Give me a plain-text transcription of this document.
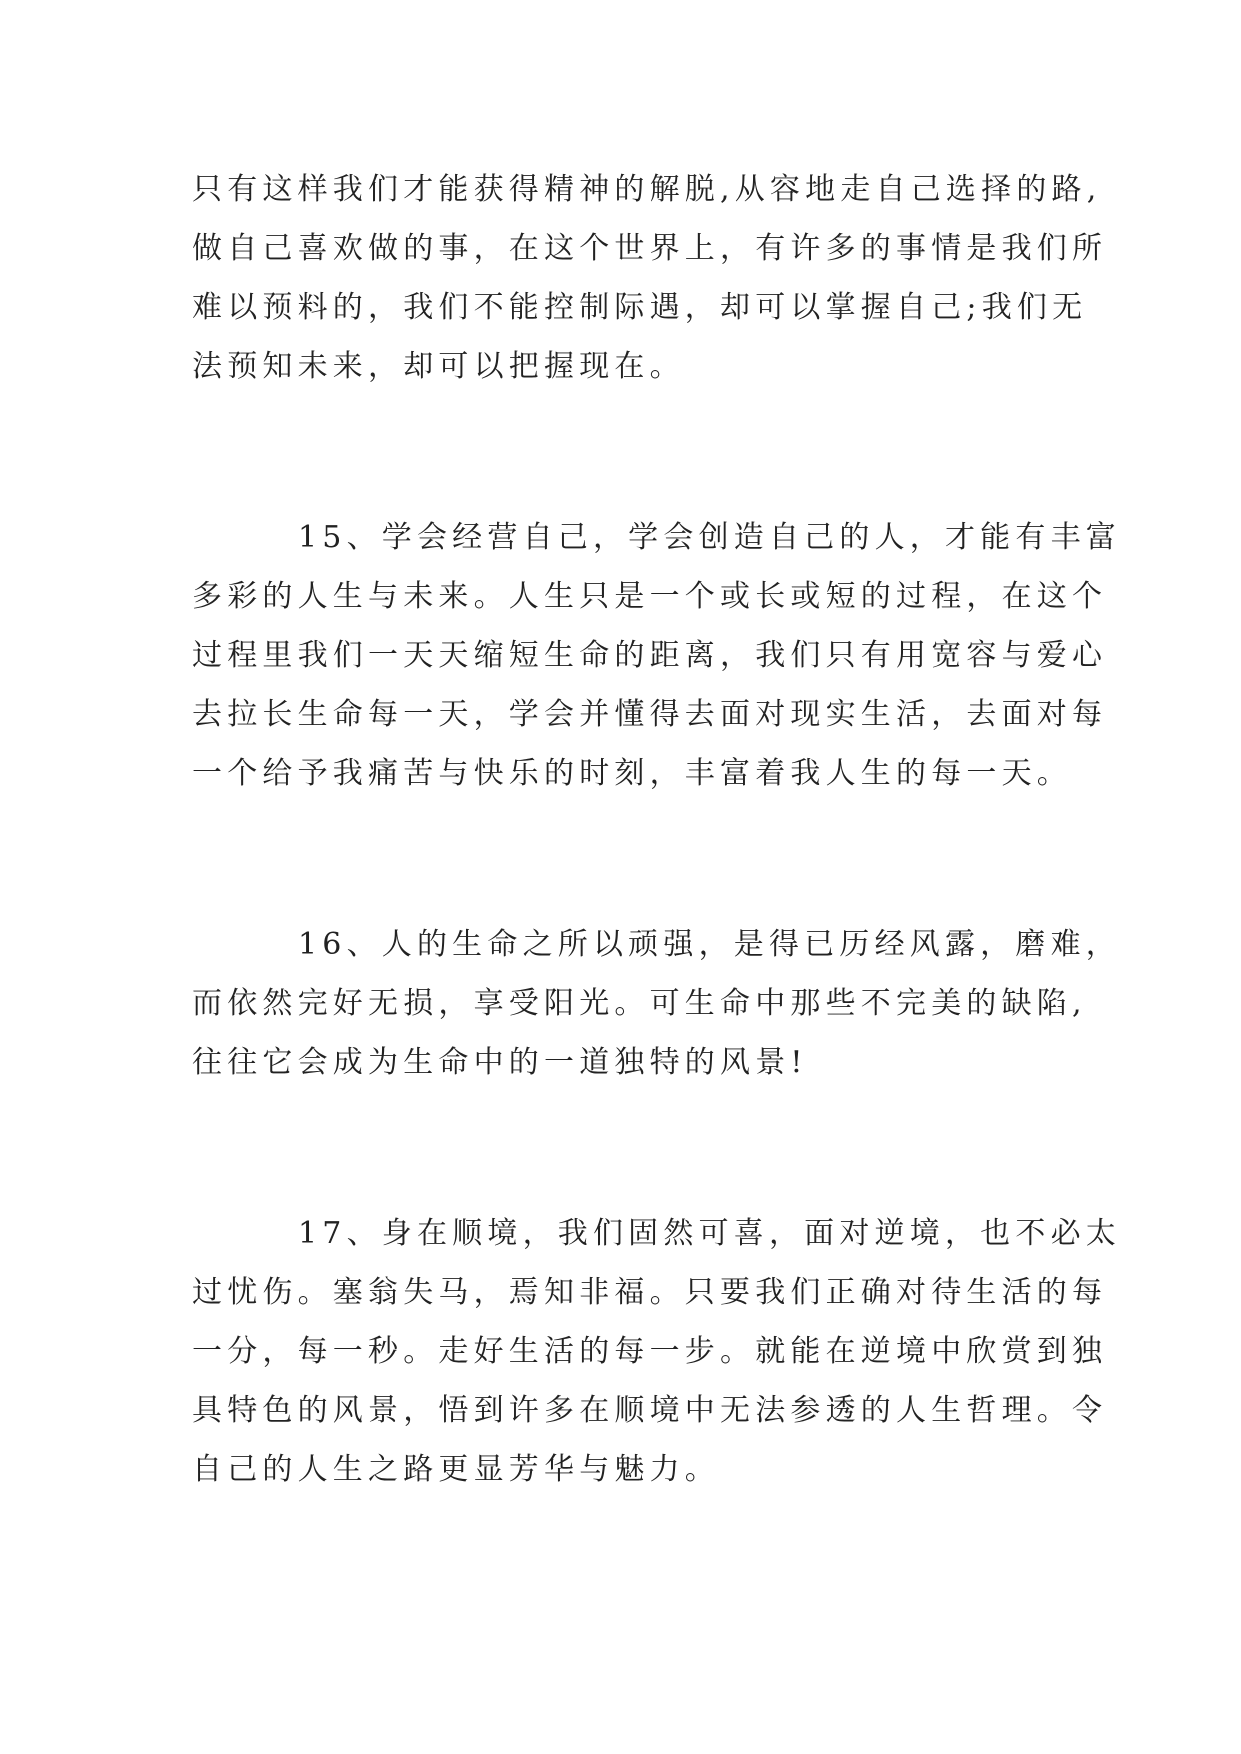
只有这样我们才能获得精神的解脱,从容地走自己选择的路,
做自己喜欢做的事，在这个世界上，有许多的事情是我们所
难以预料的，我们不能控制际遇，却可以掌握自己;我们无
法预知未来，却可以把握现在。
15、学会经营自己，学会创造自己的人，才能有丰富
多彩的人生与未来。人生只是一个或长或短的过程，在这个
过程里我们一天天缩短生命的距离，我们只有用宽容与爱心
去拉长生命每一天，学会并懂得去面对现实生活，去面对每
一个给予我痛苦与快乐的时刻，丰富着我人生的每一天。
16、人的生命之所以顽强，是得已历经风露，磨难，
而依然完好无损，享受阳光。可生命中那些不完美的缺陷,
往往它会成为生命中的一道独特的风景!
17、身在顺境，我们固然可喜，面对逆境，也不必太
过忧伤。塞翁失马，焉知非福。只要我们正确对待生活的每
一分，每一秒。走好生活的每一步。就能在逆境中欣赏到独
具特色的风景，悟到许多在顺境中无法参透的人生哲理。令
自己的人生之路更显芳华与魅力。
